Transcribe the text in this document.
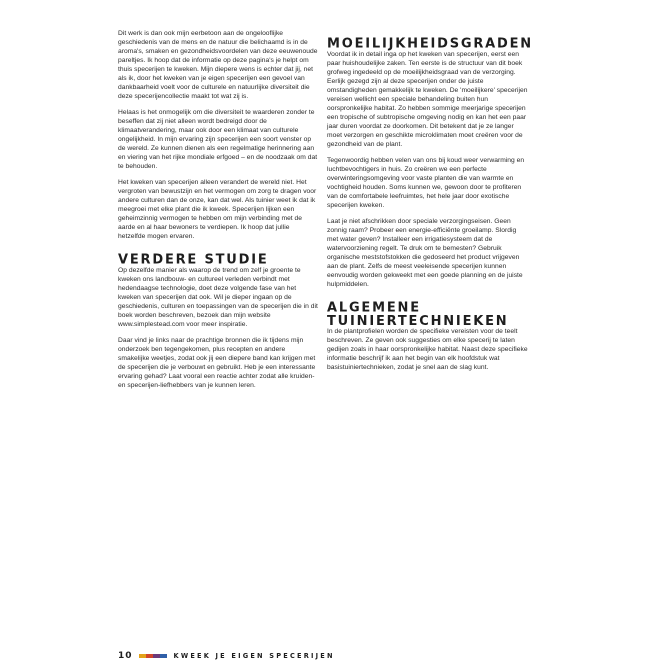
Dit werk is dan ook mijn eerbetoon aan de ongelooflijke geschiedenis van de mens en de natuur die belichaamd is in de aroma's, smaken en gezondheidsvoordelen van deze eeuwenoude pareltjes. Ik hoop dat de informatie op deze pagina's je helpt om thuis specerijen te kweken. Mijn diepere wens is echter dat jij, net als ik, door het kweken van je eigen specerijen een gevoel van dankbaarheid voelt voor de culturele en natuurlijke diversiteit die deze specerijencollectie maakt tot wat zij is.

Helaas is het onmogelijk om die diversiteit te waarderen zonder te beseffen dat zij niet alleen wordt bedreigd door de klimaatverandering, maar ook door een klimaat van culturele ongelijkheid. In mijn ervaring zijn specerijen een soort venster op de wereld. Ze kunnen dienen als een regelmatige herinnering aan en viering van het rijke mondiale erfgoed – en de noodzaak om dat te behouden.

Het kweken van specerijen alleen verandert de wereld niet. Het vergroten van bewustzijn en het vermogen om zorg te dragen voor andere culturen dan de onze, kan dat wel. Als tuinier weet ik dat ik meegroei met elke plant die ik kweek. Specerijen lijken een geheimzinnig vermogen te hebben om mijn verbinding met de aarde en al haar bewoners te verdiepen. Ik hoop dat jullie hetzelfde mogen ervaren.

VERDERE STUDIE

Op dezelfde manier als waarop de trend om zelf je groente te kweken ons landbouw- en cultureel verleden verbindt met hedendaagse technologie, doet deze volgende fase van het kweken van specerijen dat ook. Wil je dieper ingaan op de geschiedenis, culturen en toepassingen van de specerijen die in dit boek worden beschreven, bezoek dan mijn website www.simplestead.com voor meer inspiratie.

Daar vind je links naar de prachtige bronnen die ik tijdens mijn onderzoek ben tegengekomen, plus recepten en andere smakelijke weetjes, zodat ook jij een diepere band kan krijgen met de specerijen die je verbouwt en gebruikt. Heb je een interessante ervaring gehad? Laat vooral een reactie achter zodat alle kruiden- en specerijen-liefhebbers van je kunnen leren.

MOEILIJKHEIDSGRADEN

Voordat ik in detail inga op het kweken van specerijen, eerst een paar huishoudelijke zaken. Ten eerste is de structuur van dit boek grofweg ingedeeld op de moeilijkheidsgraad van de verzorging. Eerlijk gezegd zijn al deze specerijen onder de juiste omstandigheden gemakkelijk te kweken. De 'moeilijkere' specerijen vereisen wellicht een speciale behandeling buiten hun oorspronkelijke habitat. Zo hebben sommige meerjarige specerijen een tropische of subtropische omgeving nodig en kan het een paar jaar duren voordat ze doorkomen. Dit betekent dat je ze langer moet verzorgen en geschikte microklimaten moet creëren voor de gezondheid van de plant.

Tegenwoordig hebben velen van ons bij koud weer verwarming en luchtbevochtigers in huis. Zo creëren we een perfecte overwinteringsomgeving voor vaste planten die van warmte en vochtigheid houden. Soms kunnen we, gewoon door te profiteren van de comfortabele leefruimtes, het hele jaar door exotische specerijen kweken.

Laat je niet afschrikken door speciale verzorgingseisen. Geen zonnig raam? Probeer een energie-efficiënte groeilamp. Slordig met water geven? Installeer een irrigatiesysteem dat de watervoorziening regelt. Te druk om te bemesten? Gebruik organische meststofstokken die gedoseerd het product vrijgeven aan de plant. Zelfs de meest veeleisende specerijen kunnen eenvoudig worden gekweekt met een goede planning en de juiste hulpmiddelen.

ALGEMENE
TUINIERTECHNIEKEN

In de plantprofielen worden de specifieke vereisten voor de teelt beschreven. Ze geven ook suggesties om elke specerij te laten gedijen zoals in haar oorspronkelijke habitat. Naast deze specifieke informatie beschrijf ik aan het begin van elk hoofdstuk wat basistuiniertechnieken, zodat je snel aan de slag kunt.

10	KWEEK JE EIGEN SPECERIJEN
